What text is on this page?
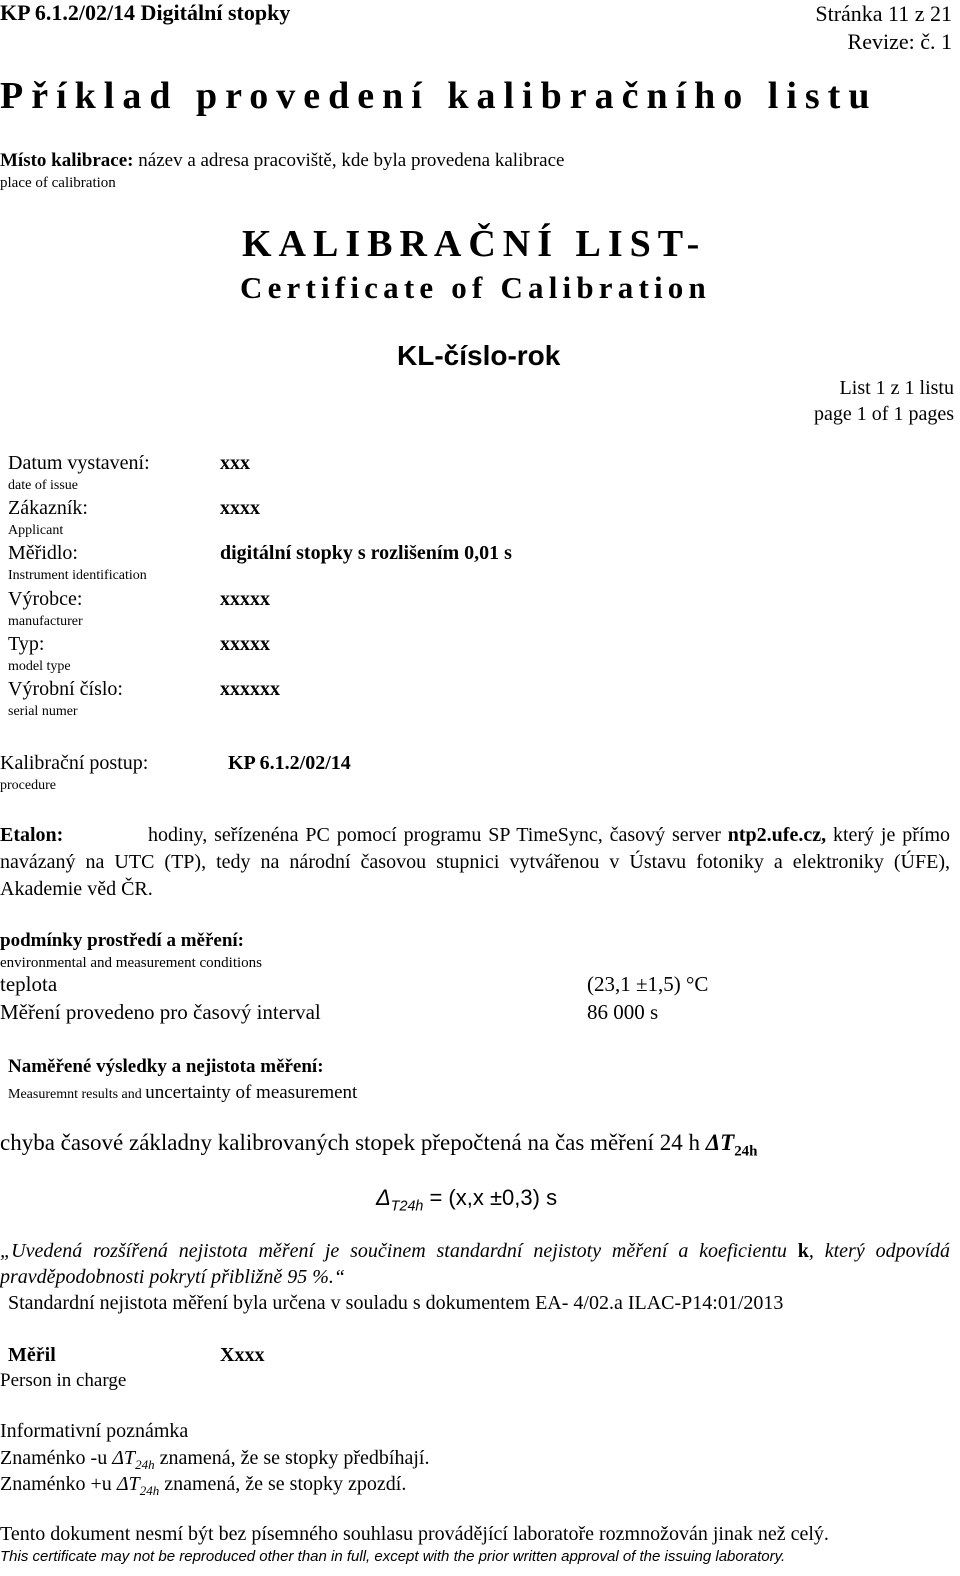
KP 6.1.2/02/14 Digitální stopky	Stránka 11 z 21
Revize: č. 1
Příklad provedení kalibračního listu
Místo kalibrace: název a adresa pracoviště, kde byla provedena kalibrace
place of calibration
KALIBRAČNÍ LIST-
Certificate of Calibration
KL-číslo-rok
List 1 z 1 listu
page 1 of 1 pages
Datum vystavení:
date of issue
xxx
Zákazník:
Applicant
xxxx
Měřidlo:
Instrument identification
digitální stopky s rozlišením 0,01 s
Výrobce:
manufacturer
xxxxx
Typ:
model type
xxxxx
Výrobní číslo:
serial numer
xxxxxx
Kalibrační postup:
procedure
KP 6.1.2/02/14
Etalon:	hodiny, seřízenéna PC pomocí programu SP TimeSync, časový server ntp2.ufe.cz, který je přímo navázaný na UTC (TP), tedy na národní časovou stupnici vytvářenou v Ústavu fotoniky a elektroniky (ÚFE), Akademie věd ČR.
podmínky prostředí a měření:
environmental and measurement conditions
teplota	(23,1 ±1,5) °C
Měření provedeno pro časový interval	86 000 s
Naměřené výsledky a nejistota měření:
Measuremnt results and uncertainty of measurement
chyba časové základny kalibrovaných stopek přepočtená na čas měření 24 h $\Delta T_{24h}$
$\Delta_{T24h} = (x,x \pm 0,3)$ s
„Uvedená rozšířená nejistota měření je součinem standardní nejistoty měření a koeficientu k, který odpovídá pravděpodobnosti pokrytí přibližně 95 %.“
Standardní nejistota měření byla určena v souladu s dokumentem EA- 4/02.a ILAC-P14:01/2013
Měřil	Xxxx
Person in charge
Informativní poznámka
Znaménko -u $\Delta T_{24h}$ znamená, že se stopky předbíhají.
Znaménko +u $\Delta T_{24h}$ znamená, že se stopky zpozdí.
Tento dokument nesmí být bez písemného souhlasu provádějící laboratoře rozmnožován jinak než celý.
This certificate may not be reproduced other than in full, except with the prior written approval of the issuing laboratory.
